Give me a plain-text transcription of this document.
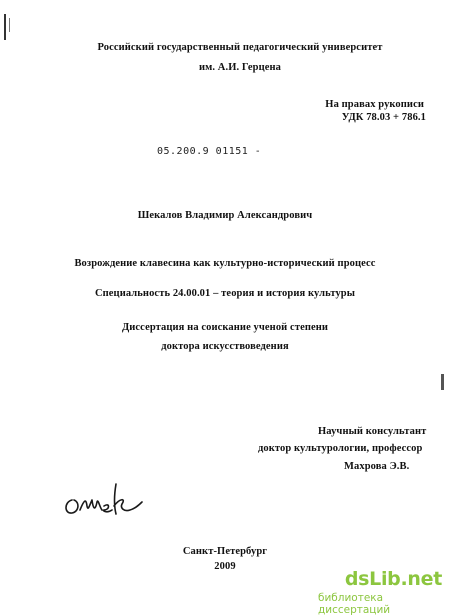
Российский государственный педагогический университет
им. А.И. Герцена
На правах рукописи
УДК 78.03 + 786.1
05.200.9 01151 -
Шекалов Владимир Александрович
Возрождение клавесина как культурно-исторический процесс
Специальность 24.00.01 – теория и история культуры
Диссертация на соискание ученой степени
доктора искусствоведения
Научный консультант
доктор культурологии, профессор
Махрова Э.В.
Санкт-Петербург
2009
dsLib.net
библиотека диссертаций
